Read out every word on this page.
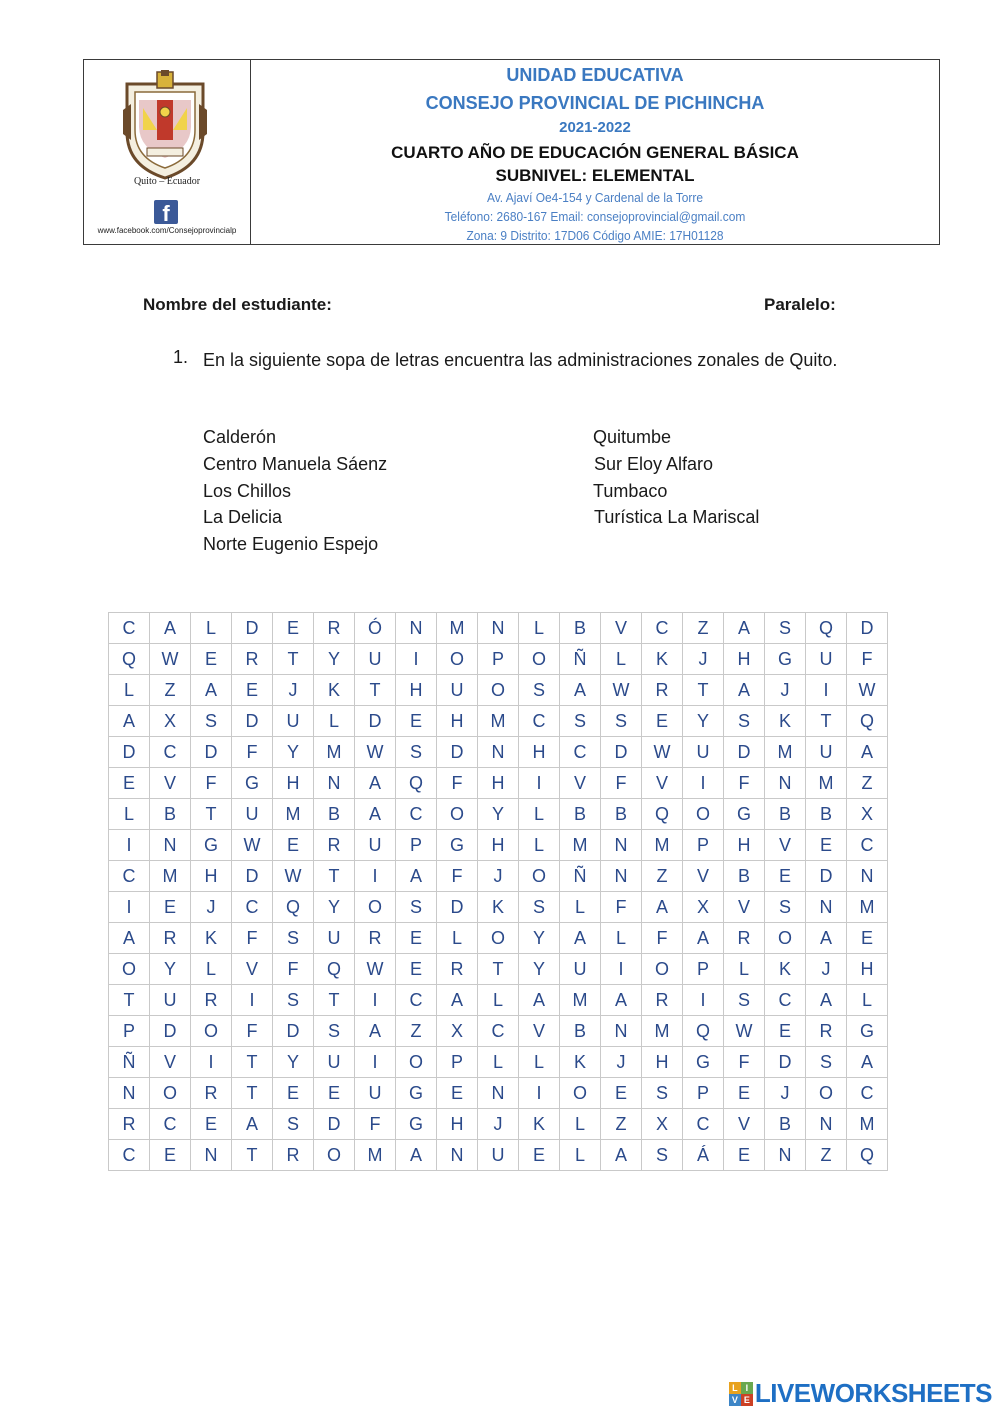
Quito – Ecuador
f
www.facebook.com/Consejoprovincialp
UNIDAD EDUCATIVA
CONSEJO PROVINCIAL DE PICHINCHA
2021-2022
CUARTO AÑO DE EDUCACIÓN GENERAL BÁSICA
SUBNIVEL: ELEMENTAL
Av. Ajaví Oe4-154 y Cardenal de la Torre
Teléfono: 2680-167 Email: consejoprovincial@gmail.com
Zona: 9 Distrito: 17D06 Código AMIE: 17H01128
Nombre del estudiante:	Paralelo:
1. En la siguiente sopa de letras encuentra las administraciones zonales de Quito.
Calderón
Centro Manuela Sáenz
Los Chillos
La Delicia
Norte Eugenio Espejo
Quitumbe
Sur Eloy Alfaro
Tumbaco
Turística La Mariscal
C	A	L	D	E	R	Ó	N	M	N	L	B	V	C	Z	A	S	Q	D
Q	W	E	R	T	Y	U	I	O	P	O	Ñ	L	K	J	H	G	U	F
L	Z	A	E	J	K	T	H	U	O	S	A	W	R	T	A	J	I	W
A	X	S	D	U	L	D	E	H	M	C	S	S	E	Y	S	K	T	Q
D	C	D	F	Y	M	W	S	D	N	H	C	D	W	U	D	M	U	A
E	V	F	G	H	N	A	Q	F	H	I	V	F	V	I	F	N	M	Z
L	B	T	U	M	B	A	C	O	Y	L	B	B	Q	O	G	B	B	X
I	N	G	W	E	R	U	P	G	H	L	M	N	M	P	H	V	E	C
C	M	H	D	W	T	I	A	F	J	O	Ñ	N	Z	V	B	E	D	N
I	E	J	C	Q	Y	O	S	D	K	S	L	F	A	X	V	S	N	M
A	R	K	F	S	U	R	E	L	O	Y	A	L	F	A	R	O	A	E
O	Y	L	V	F	Q	W	E	R	T	Y	U	I	O	P	L	K	J	H
T	U	R	I	S	T	I	C	A	L	A	M	A	R	I	S	C	A	L
P	D	O	F	D	S	A	Z	X	C	V	B	N	M	Q	W	E	R	G
Ñ	V	I	T	Y	U	I	O	P	L	L	K	J	H	G	F	D	S	A
N	O	R	T	E	E	U	G	E	N	I	O	E	S	P	E	J	O	C
R	C	E	A	S	D	F	G	H	J	K	L	Z	X	C	V	B	N	M
C	E	N	T	R	O	M	A	N	U	E	L	A	S	Á	E	N	Z	Q
L I
V E LIVEWORKSHEETS
